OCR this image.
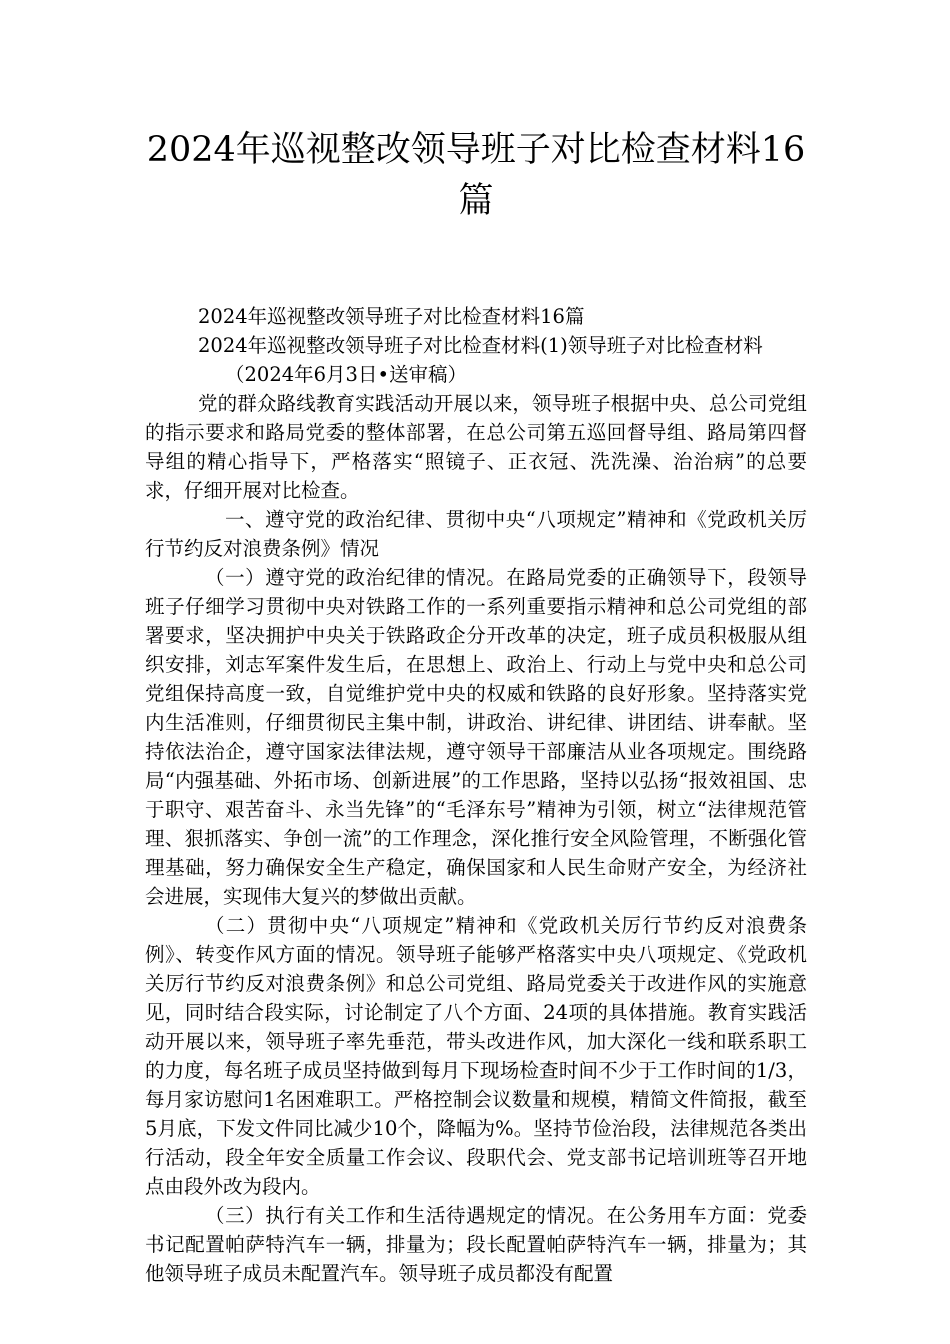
2024年巡视整改领导班子对比检查材料16篇

2024年巡视整改领导班子对比检查材料16篇

2024年巡视整改领导班子对比检查材料(1)领导班子对比检查材料

（2024年6月3日•送审稿）

党的群众路线教育实践活动开展以来，领导班子根据中央、总公司党组的指示要求和路局党委的整体部署，在总公司第五巡回督导组、路局第四督导组的精心指导下，严格落实“照镜子、正衣冠、洗洗澡、治治病”的总要求，仔细开展对比检查。

一、遵守党的政治纪律、贯彻中央“八项规定”精神和《党政机关厉行节约反对浪费条例》情况

（一）遵守党的政治纪律的情况。在路局党委的正确领导下，段领导班子仔细学习贯彻中央对铁路工作的一系列重要指示精神和总公司党组的部署要求，坚决拥护中央关于铁路政企分开改革的决定，班子成员积极服从组织安排，刘志军案件发生后，在思想上、政治上、行动上与党中央和总公司党组保持高度一致，自觉维护党中央的权威和铁路的良好形象。坚持落实党内生活准则，仔细贯彻民主集中制，讲政治、讲纪律、讲团结、讲奉献。坚持依法治企，遵守国家法律法规，遵守领导干部廉洁从业各项规定。围绕路局“内强基础、外拓市场、创新进展”的工作思路，坚持以弘扬“报效祖国、忠于职守、艰苦奋斗、永当先锋”的“毛泽东号”精神为引领，树立“法律规范管理、狠抓落实、争创一流”的工作理念，深化推行安全风险管理，不断强化管理基础，努力确保安全生产稳定，确保国家和人民生命财产安全，为经济社会进展，实现伟大复兴的梦做出贡献。

（二）贯彻中央“八项规定”精神和《党政机关厉行节约反对浪费条例》、转变作风方面的情况。领导班子能够严格落实中央八项规定、《党政机关厉行节约反对浪费条例》和总公司党组、路局党委关于改进作风的实施意见，同时结合段实际，讨论制定了八个方面、24项的具体措施。教育实践活动开展以来，领导班子率先垂范，带头改进作风，加大深化一线和联系职工的力度，每名班子成员坚持做到每月下现场检查时间不少于工作时间的1/3，每月家访慰问1名困难职工。严格控制会议数量和规模，精简文件简报，截至5月底，下发文件同比减少10个，降幅为%。坚持节俭治段，法律规范各类出行活动，段全年安全质量工作会议、段职代会、党支部书记培训班等召开地点由段外改为段内。

（三）执行有关工作和生活待遇规定的情况。在公务用车方面：党委书记配置帕萨特汽车一辆，排量为；段长配置帕萨特汽车一辆，排量为；其他领导班子成员未配置汽车。领导班子成员都没有配置
